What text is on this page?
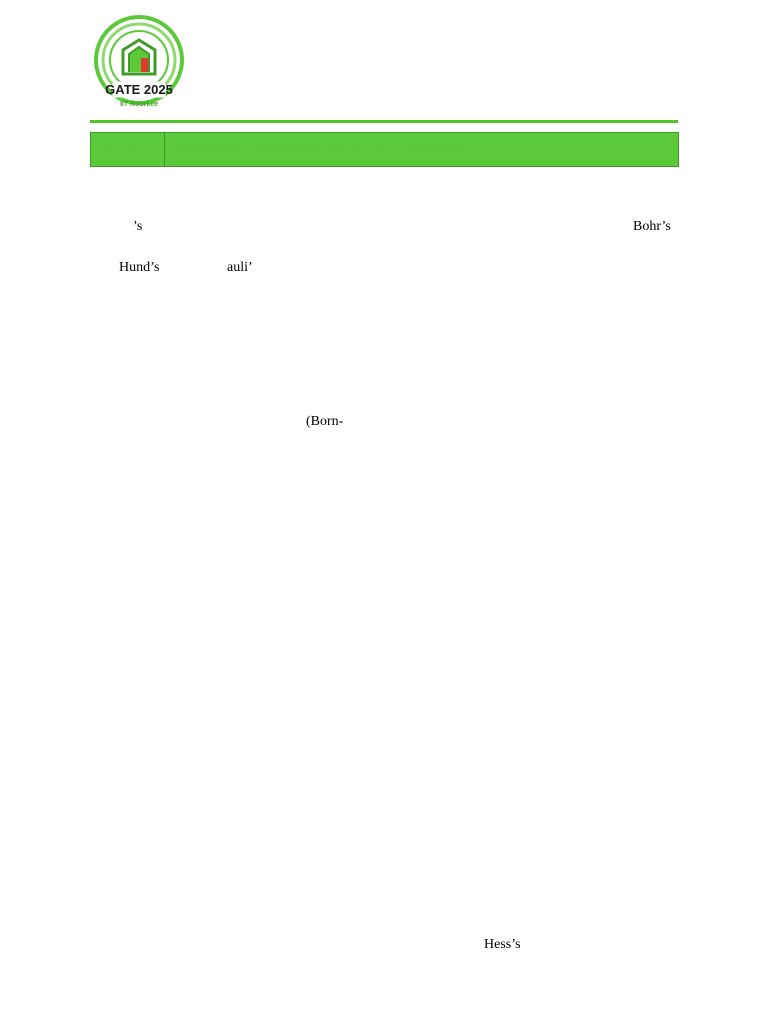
GATE 2025
IIT Roorkee
XL-P	Chemistry (Compulsory for all XL candidates)
’s	Bohr’s
Hund’s	auli’
(Born-
Hess’s
